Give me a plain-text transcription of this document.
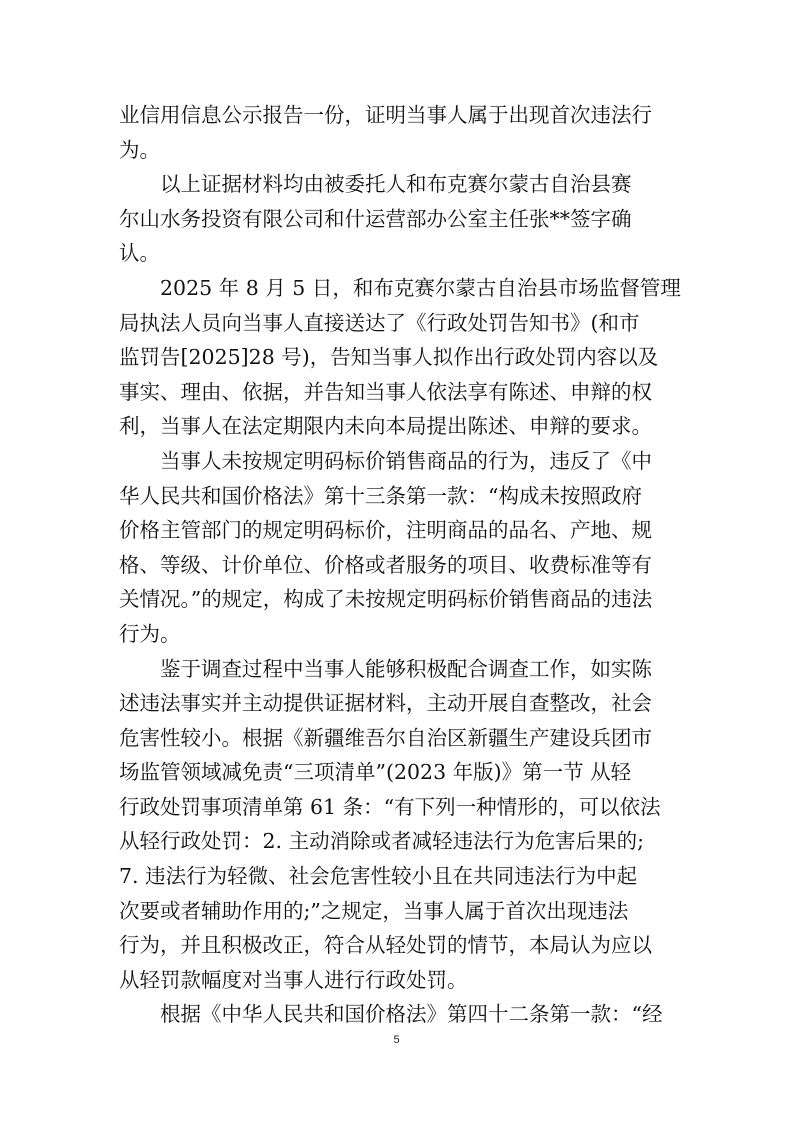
业信用信息公示报告一份，证明当事人属于出现首次违法行
为。
以上证据材料均由被委托人和布克赛尔蒙古自治县赛
尔山水务投资有限公司和什运营部办公室主任张**签字确
认。
2025 年 8 月 5 日，和布克赛尔蒙古自治县市场监督管理
局执法人员向当事人直接送达了《行政处罚告知书》(和市
监罚告[2025]28 号)，告知当事人拟作出行政处罚内容以及
事实、理由、依据，并告知当事人依法享有陈述、申辩的权
利，当事人在法定期限内未向本局提出陈述、申辩的要求。
当事人未按规定明码标价销售商品的行为，违反了《中
华人民共和国价格法》第十三条第一款：“构成未按照政府
价格主管部门的规定明码标价，注明商品的品名、产地、规
格、等级、计价单位、价格或者服务的项目、收费标准等有
关情况。”的规定，构成了未按规定明码标价销售商品的违法
行为。
鉴于调查过程中当事人能够积极配合调查工作，如实陈
述违法事实并主动提供证据材料，主动开展自查整改，社会
危害性较小。根据《新疆维吾尔自治区新疆生产建设兵团市
场监管领域减免责“三项清单”(2023 年版)》第一节 从轻
行政处罚事项清单第 61 条：“有下列一种情形的，可以依法
从轻行政处罚：2. 主动消除或者减轻违法行为危害后果的;
7. 违法行为轻微、社会危害性较小且在共同违法行为中起
次要或者辅助作用的;”之规定，当事人属于首次出现违法
行为，并且积极改正，符合从轻处罚的情节，本局认为应以
从轻罚款幅度对当事人进行行政处罚。
根据《中华人民共和国价格法》第四十二条第一款：“经
5
